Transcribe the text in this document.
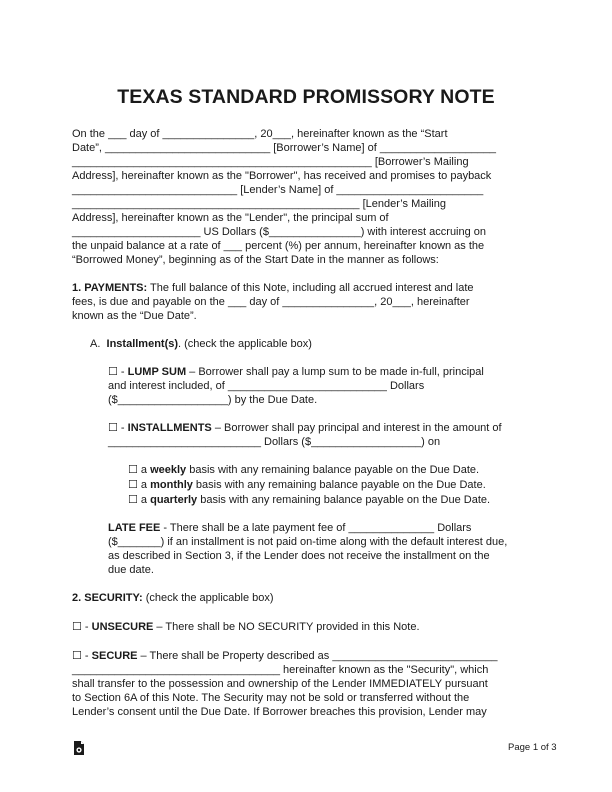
TEXAS STANDARD PROMISSORY NOTE
On the ___ day of _______________, 20___, hereinafter known as the “Start
Date”, ___________________________ [Borrower’s Name] of ___________________
_________________________________________________ [Borrower’s Mailing
Address], hereinafter known as the "Borrower", has received and promises to payback
___________________________ [Lender’s Name] of ________________________
_______________________________________________ [Lender’s Mailing
Address], hereinafter known as the "Lender", the principal sum of
_____________________ US Dollars ($_______________) with interest accruing on
the unpaid balance at a rate of ___ percent (%) per annum, hereinafter known as the
“Borrowed Money”, beginning as of the Start Date in the manner as follows:
1. PAYMENTS: The full balance of this Note, including all accrued interest and late
fees, is due and payable on the ___ day of _______________, 20___, hereinafter
known as the “Due Date”.
A.  Installment(s). (check the applicable box)
☐ - LUMP SUM – Borrower shall pay a lump sum to be made in-full, principal
and interest included, of __________________________ Dollars
($__________________) by the Due Date.
☐ - INSTALLMENTS – Borrower shall pay principal and interest in the amount of
_________________________ Dollars ($__________________) on
☐ a weekly basis with any remaining balance payable on the Due Date.
☐ a monthly basis with any remaining balance payable on the Due Date.
☐ a quarterly basis with any remaining balance payable on the Due Date.
LATE FEE - There shall be a late payment fee of ______________ Dollars
($_______) if an installment is not paid on-time along with the default interest due,
as described in Section 3, if the Lender does not receive the installment on the
due date.
2. SECURITY: (check the applicable box)
☐ - UNSECURE – There shall be NO SECURITY provided in this Note.
☐ - SECURE – There shall be Property described as ___________________________
__________________________________ hereinafter known as the "Security", which
shall transfer to the possession and ownership of the Lender IMMEDIATELY pursuant
to Section 6A of this Note. The Security may not be sold or transferred without the
Lender’s consent until the Due Date. If Borrower breaches this provision, Lender may
Page 1 of 3
